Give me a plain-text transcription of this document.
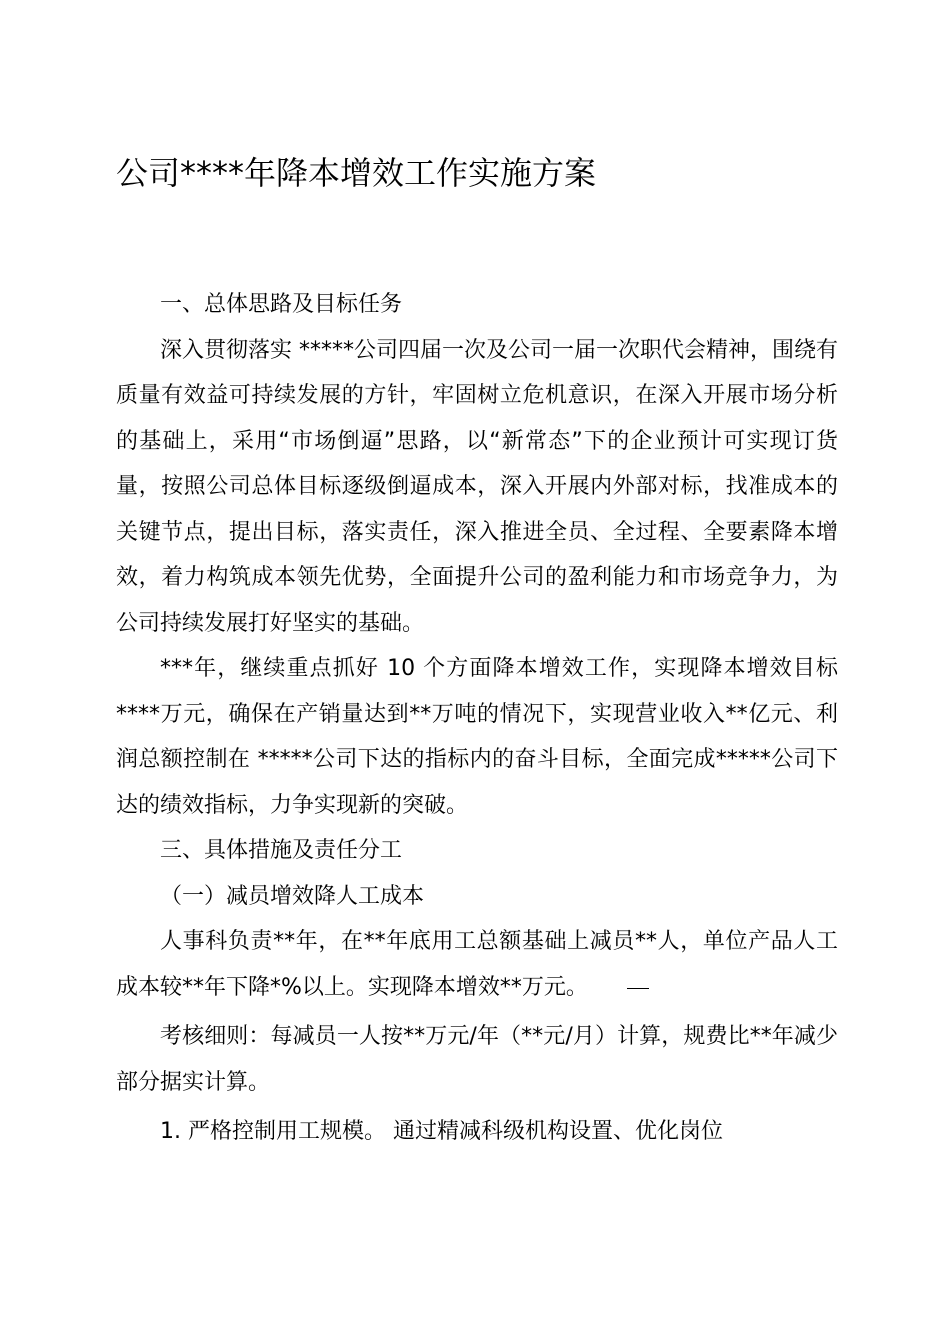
公司****年降本增效工作实施方案

一、总体思路及目标任务

深入贯彻落实 *****公司四届一次及公司一届一次职代会精神，围绕有质量有效益可持续发展的方针，牢固树立危机意识，在深入开展市场分析的基础上，采用“市场倒逼”思路，以“新常态”下的企业预计可实现订货量，按照公司总体目标逐级倒逼成本，深入开展内外部对标，找准成本的关键节点，提出目标，落实责任，深入推进全员、全过程、全要素降本增效，着力构筑成本领先优势，全面提升公司的盈利能力和市场竞争力，为公司持续发展打好坚实的基础。

***年，继续重点抓好 10 个方面降本增效工作，实现降本增效目标****万元，确保在产销量达到**万吨的情况下，实现营业收入**亿元、利润总额控制在 *****公司下达的指标内的奋斗目标，全面完成*****公司下达的绩效指标，力争实现新的突破。

三、具体措施及责任分工

（一）减员增效降人工成本

人事科负责**年，在**年底用工总额基础上减员**人，单位产品人工成本较**年下降*%以上。实现降本增效**万元。

考核细则：每减员一人按**万元/年（**元/月）计算，规费比**年减少部分据实计算。

1. 严格控制用工规模。 通过精减科级机构设置、优化岗位
